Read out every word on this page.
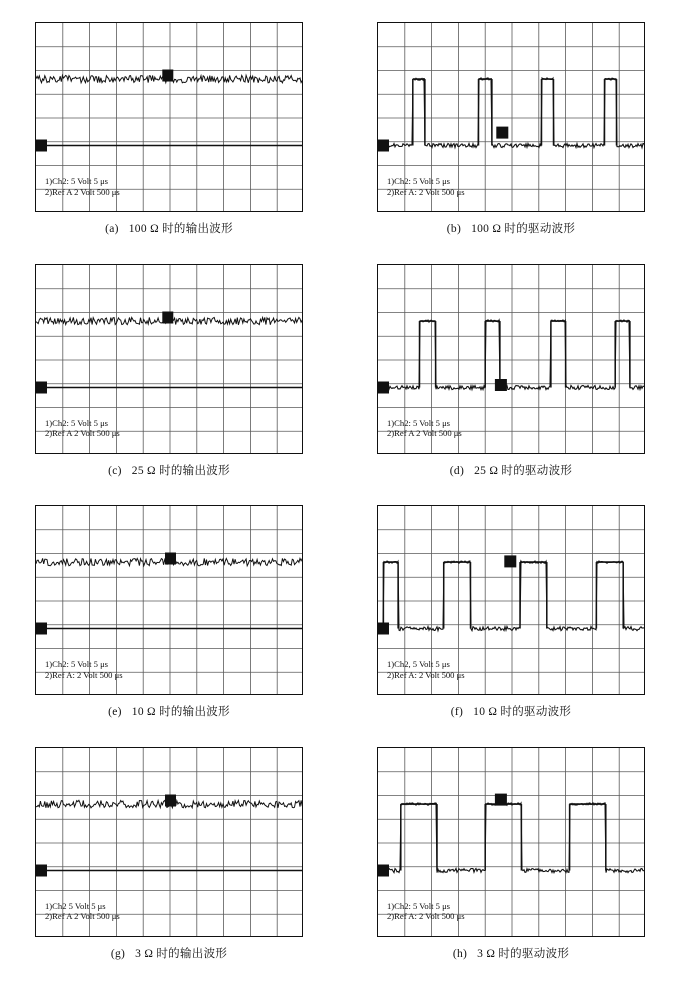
1)Ch2: 5 Volt 5 μs
2)Ref A 2 Volt 500 μs
(a) 100 Ω 时的输出波形
1)Ch2: 5 Volt 5 μs
2)Ref A: 2 Volt 500 μs
(b) 100 Ω 时的驱动波形
1)Ch2: 5 Volt 5 μs
2)Ref A 2 Volt 500 μs
(c) 25 Ω 时的输出波形
1)Ch2: 5 Volt 5 μs
2)Ref A 2 Volt 500 μs
(d) 25 Ω 时的驱动波形
1)Ch2: 5 Volt 5 μs
2)Ref A: 2 Volt 500 μs
(e) 10 Ω 时的输出波形
1)Ch2, 5 Volt 5 μs
2)Ref A: 2 Volt 500 μs
(f) 10 Ω 时的驱动波形
1)Ch2 5 Volt 5 μs
2)Ref A 2 Volt 500 μs
(g) 3 Ω 时的输出波形
1)Ch2: 5 Volt 5 μs
2)Ref A: 2 Volt 500 μs
(h) 3 Ω 时的驱动波形
